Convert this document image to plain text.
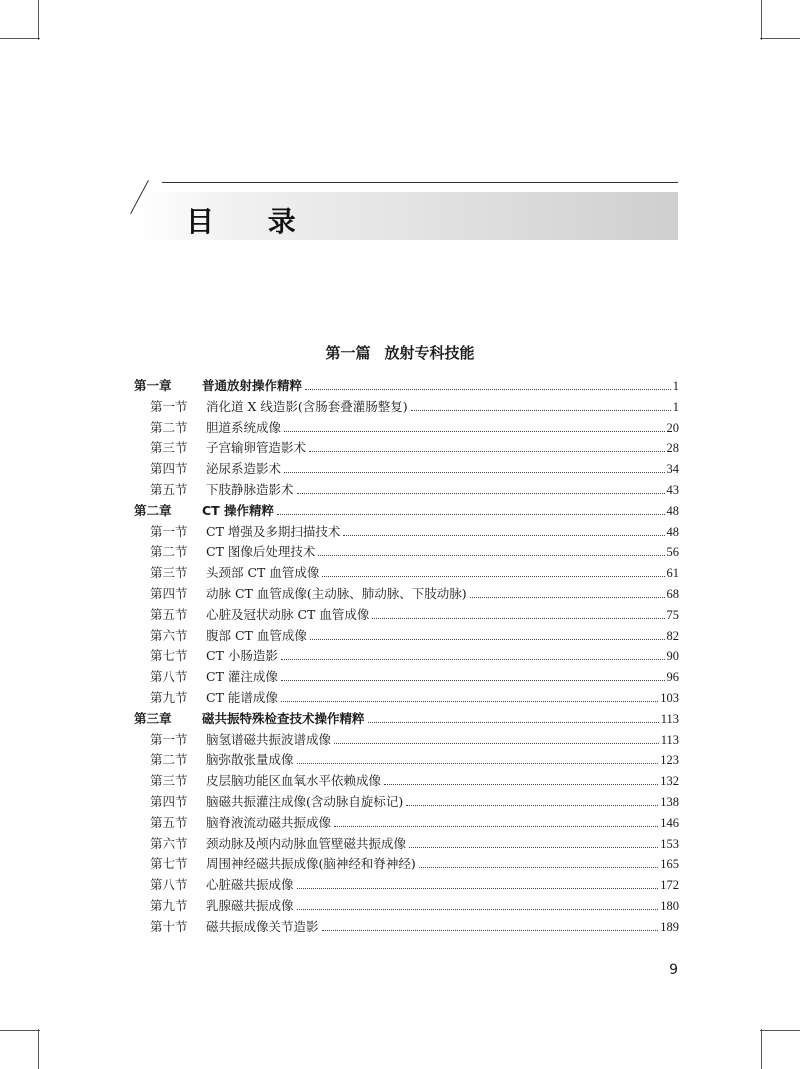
目 录
第一篇 放射专科技能
第一章	普通放射操作精粹	1
第一节	消化道 X 线造影(含肠套叠灌肠整复)	1
第二节	胆道系统成像	20
第三节	子宫输卵管造影术	28
第四节	泌尿系造影术	34
第五节	下肢静脉造影术	43
第二章	CT 操作精粹	48
第一节	CT 增强及多期扫描技术	48
第二节	CT 图像后处理技术	56
第三节	头颈部 CT 血管成像	61
第四节	动脉 CT 血管成像(主动脉、肺动脉、下肢动脉)	68
第五节	心脏及冠状动脉 CT 血管成像	75
第六节	腹部 CT 血管成像	82
第七节	CT 小肠造影	90
第八节	CT 灌注成像	96
第九节	CT 能谱成像	103
第三章	磁共振特殊检查技术操作精粹	113
第一节	脑氢谱磁共振波谱成像	113
第二节	脑弥散张量成像	123
第三节	皮层脑功能区血氧水平依赖成像	132
第四节	脑磁共振灌注成像(含动脉自旋标记)	138
第五节	脑脊液流动磁共振成像	146
第六节	颈动脉及颅内动脉血管壁磁共振成像	153
第七节	周围神经磁共振成像(脑神经和脊神经)	165
第八节	心脏磁共振成像	172
第九节	乳腺磁共振成像	180
第十节	磁共振成像关节造影	189
9
